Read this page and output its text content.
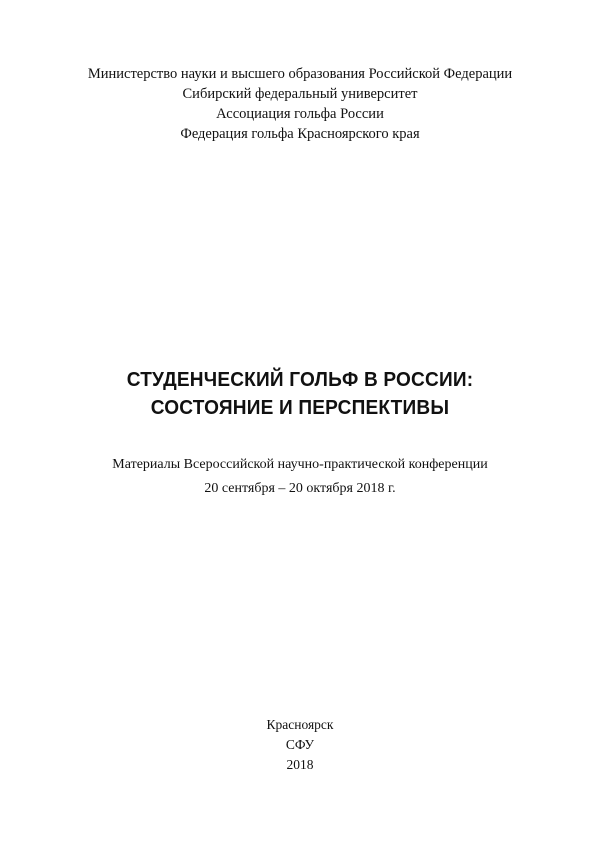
Министерство науки и высшего образования Российской Федерации
Сибирский федеральный университет
Ассоциация гольфа России
Федерация гольфа Красноярского края
СТУДЕНЧЕСКИЙ ГОЛЬФ В РОССИИ:
СОСТОЯНИЕ И ПЕРСПЕКТИВЫ
Материалы Всероссийской научно-практической конференции
20 сентября – 20 октября 2018 г.
Красноярск
СФУ
2018
